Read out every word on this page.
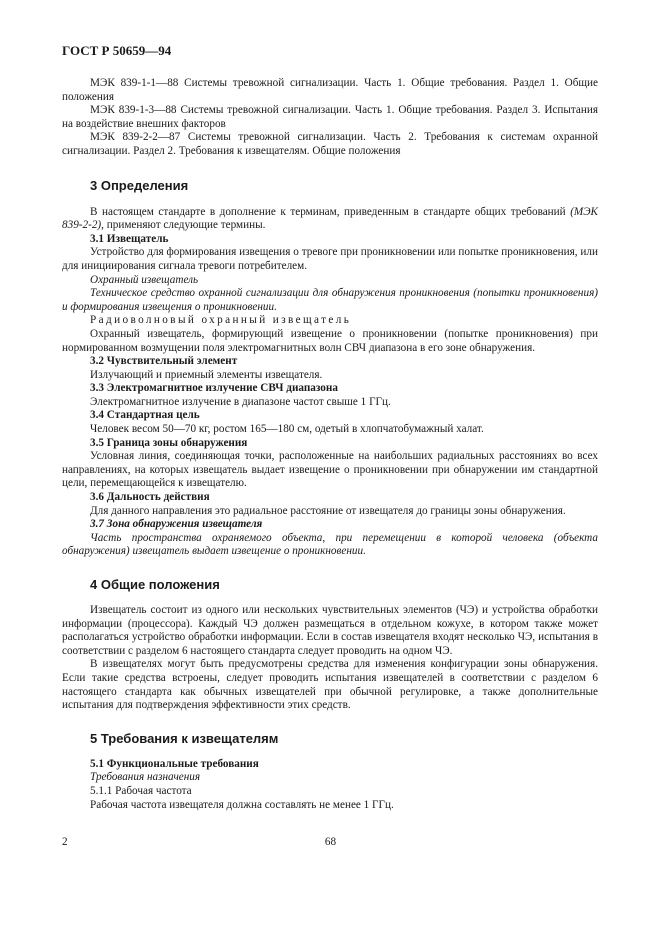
ГОСТ Р 50659—94

МЭК 839-1-1—88 Системы тревожной сигнализации. Часть 1. Общие требования. Раздел 1. Общие положения

МЭК 839-1-3—88 Системы тревожной сигнализации. Часть 1. Общие требования. Раздел 3. Испытания на воздействие внешних факторов

МЭК 839-2-2—87 Системы тревожной сигнализации. Часть 2. Требования к системам охранной сигнализации. Раздел 2. Требования к извещателям. Общие положения

3 Определения

В настоящем стандарте в дополнение к терминам, приведенным в стандарте общих требований (МЭК 839-2-2), применяют следующие термины.

3.1 Извещатель

Устройство для формирования извещения о тревоге при проникновении или попытке проникновения, или для инициирования сигнала тревоги потребителем.

Охранный извещатель

Техническое средство охранной сигнализации для обнаружения проникновения (попытки проникновения) и формирования извещения о проникновении.

Радиоволновый охранный извещатель

Охранный извещатель, формирующий извещение о проникновении (попытке проникновения) при нормированном возмущении поля электромагнитных волн СВЧ диапазона в его зоне обнаружения.

3.2 Чувствительный элемент

Излучающий и приемный элементы извещателя.

3.3 Электромагнитное излучение СВЧ диапазона

Электромагнитное излучение в диапазоне частот свыше 1 ГГц.

3.4 Стандартная цель

Человек весом 50—70 кг, ростом 165—180 см, одетый в хлопчатобумажный халат.

3.5 Граница зоны обнаружения

Условная линия, соединяющая точки, расположенные на наибольших радиальных расстояниях во всех направлениях, на которых извещатель выдает извещение о проникновении при обнаружении им стандартной цели, перемещающейся к извещателю.

3.6 Дальность действия

Для данного направления это радиальное расстояние от извещателя до границы зоны обнаружения.

3.7 Зона обнаружения извещателя

Часть пространства охраняемого объекта, при перемещении в которой человека (объекта обнаружения) извещатель выдает извещение о проникновении.

4 Общие положения

Извещатель состоит из одного или нескольких чувствительных элементов (ЧЭ) и устройства обработки информации (процессора). Каждый ЧЭ должен размещаться в отдельном кожухе, в котором также может располагаться устройство обработки информации. Если в состав извещателя входят несколько ЧЭ, испытания в соответствии с разделом 6 настоящего стандарта следует проводить на одном ЧЭ.

В извещателях могут быть предусмотрены средства для изменения конфигурации зоны обнаружения. Если такие средства встроены, следует проводить испытания извещателей в соответствии с разделом 6 настоящего стандарта как обычных извещателей при обычной регулировке, а также дополнительные испытания для подтверждения эффективности этих средств.

5 Требования к извещателям
5.1 Функциональные требования
Требования назначения
5.1.1 Рабочая частота

Рабочая частота извещателя должна составлять не менее 1 ГГц.

2	68
